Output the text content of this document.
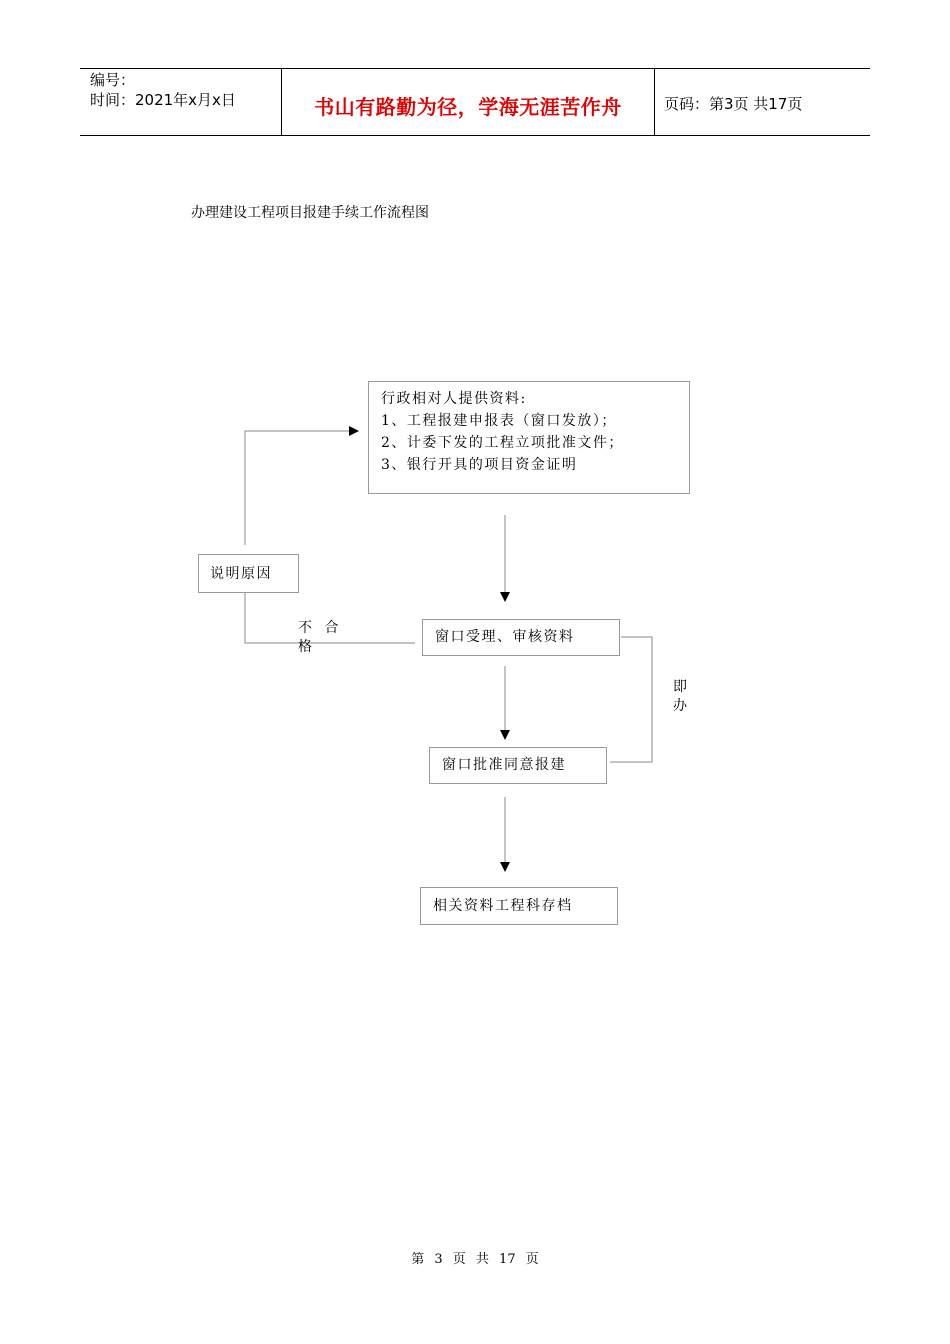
编号：
时间：2021年x月x日	书山有路勤为径，学海无涯苦作舟	页码：第3页 共17页
办理建设工程项目报建手续工作流程图
行政相对人提供资料:
1、工程报建申报表（窗口发放）；
2、计委下发的工程立项批准文件；
3、银行开具的项目资金证明
说明原因
窗口受理、审核资料
窗口批准同意报建
相关资料工程科存档
不 合
格
即
办
第 3 页 共 17 页
